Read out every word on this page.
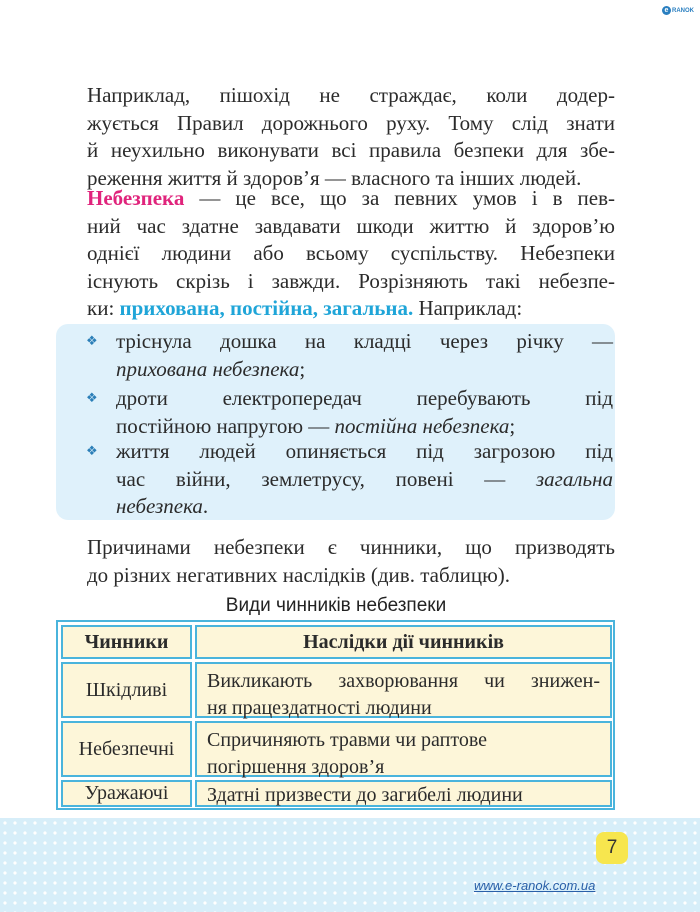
e RANOK
Наприклад, пішохід не страждає, коли додер-
жується Правил дорожнього руху. Тому слід знати
й неухильно виконувати всі правила безпеки для збе-
реження життя й здоров’я — власного та інших людей.
Небезпека — це все, що за певних умов і в пев-
ний час здатне завдавати шкоди життю й здоров’ю
однієї людини або всьому суспільству. Небезпеки
існують скрізь і завжди. Розрізняють такі небезпе-
ки: прихована, постійна, загальна. Наприклад:
❖ тріснула дошка на кладці через річку —
прихована небезпека;
❖ дроти електропередач перебувають під
постійною напругою — постійна небезпека;
❖ життя людей опиняється під загрозою під
час війни, землетрусу, повені — загальна
небезпека.
Причинами небезпеки є чинники, що призводять
до різних негативних наслідків (див. таблицю).
Види чинників небезпеки
Чинники	Наслідки дії чинників
Шкідливі	Викликають захворювання чи знижен-
ня працездатності людини
Небезпечні	Спричиняють травми чи раптове
погіршення здоров’я
Уражаючі	Здатні призвести до загибелі людини
7
www.e-ranok.com.ua
